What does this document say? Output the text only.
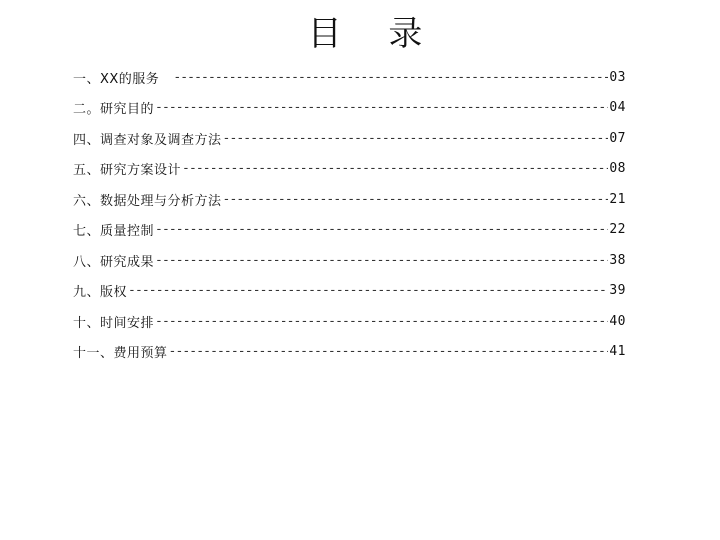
目 录
一、XX的服务 -----	03
二。研究目的 -----	04
四、调查对象及调查方法 -----	07
五、研究方案设计 -----	08
六、数据处理与分析方法 -----	21
七、质量控制 -----	22
八、研究成果 -----	38
九、版权 -----	39
十、时间安排 -----	40
十一、费用预算 -----	41
